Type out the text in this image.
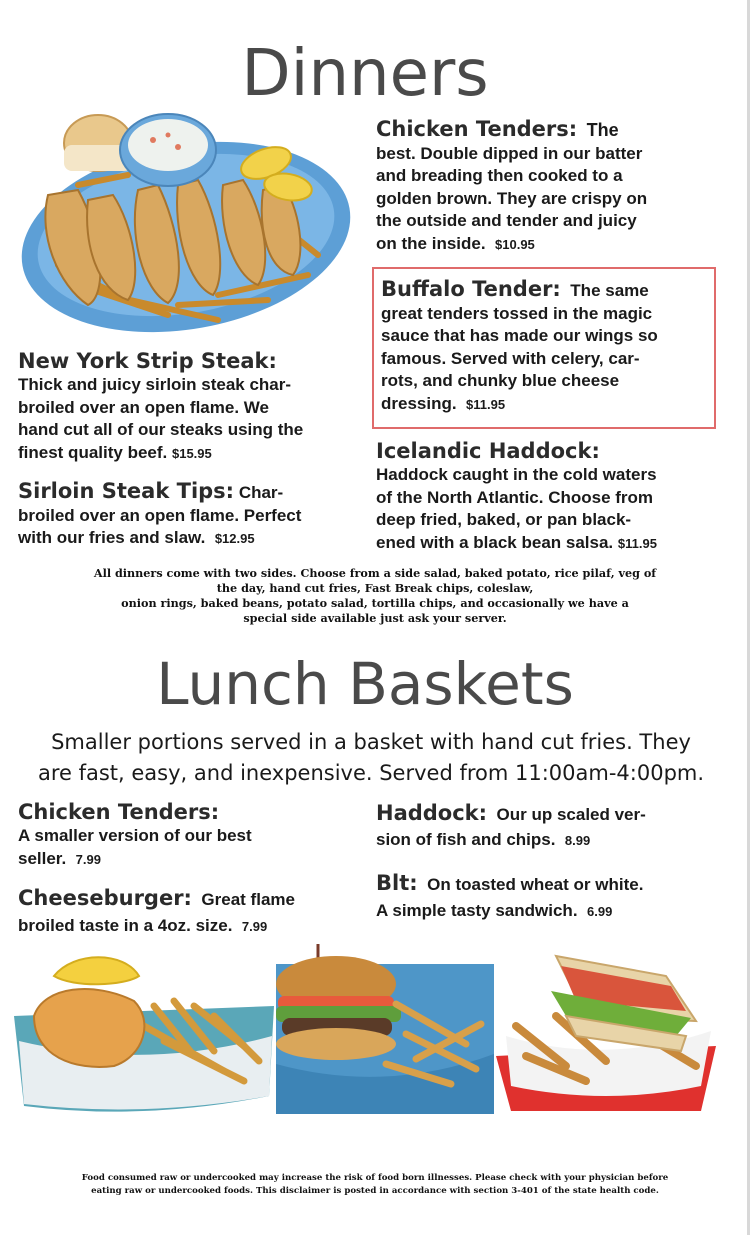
Dinners
Chicken Tenders: The
best. Double dipped in our batter
and breading then cooked to a
golden brown. They are crispy on
the outside and tender and juicy
on the inside. $10.95
Buffalo Tender: The same
great tenders tossed in the magic
sauce that has made our wings so
famous. Served with celery, car-
rots, and chunky blue cheese
dressing. $11.95
New York Strip Steak:
Thick and juicy sirloin steak char-
broiled over an open flame. We
hand cut all of our steaks using the
finest quality beef. $15.95
Sirloin Steak Tips: Char-
broiled over an open flame. Perfect
with our fries and slaw. $12.95
Icelandic Haddock:
Haddock caught in the cold waters
of the North Atlantic. Choose from
deep fried, baked, or pan black-
ened with a black bean salsa. $11.95
All dinners come with two sides. Choose from a side salad, baked potato, rice pilaf, veg of
the day, hand cut fries, Fast Break chips, coleslaw,
onion rings, baked beans, potato salad, tortilla chips, and occasionally we have a
special side available just ask your server.
Lunch Baskets
Smaller portions served in a basket with hand cut fries. They
are fast, easy, and inexpensive. Served from 11:00am-4:00pm.
Chicken Tenders:
A smaller version of our best
seller. 7.99
Haddock: Our up scaled ver-
sion of fish and chips. 8.99
Cheeseburger: Great flame
broiled taste in a 4oz. size. 7.99
Blt: On toasted wheat or white.
A simple tasty sandwich. 6.99
Food consumed raw or undercooked may increase the risk of food born illnesses. Please check with your physician before
eating raw or undercooked foods. This disclaimer is posted in accordance with section 3-401 of the state health code.
